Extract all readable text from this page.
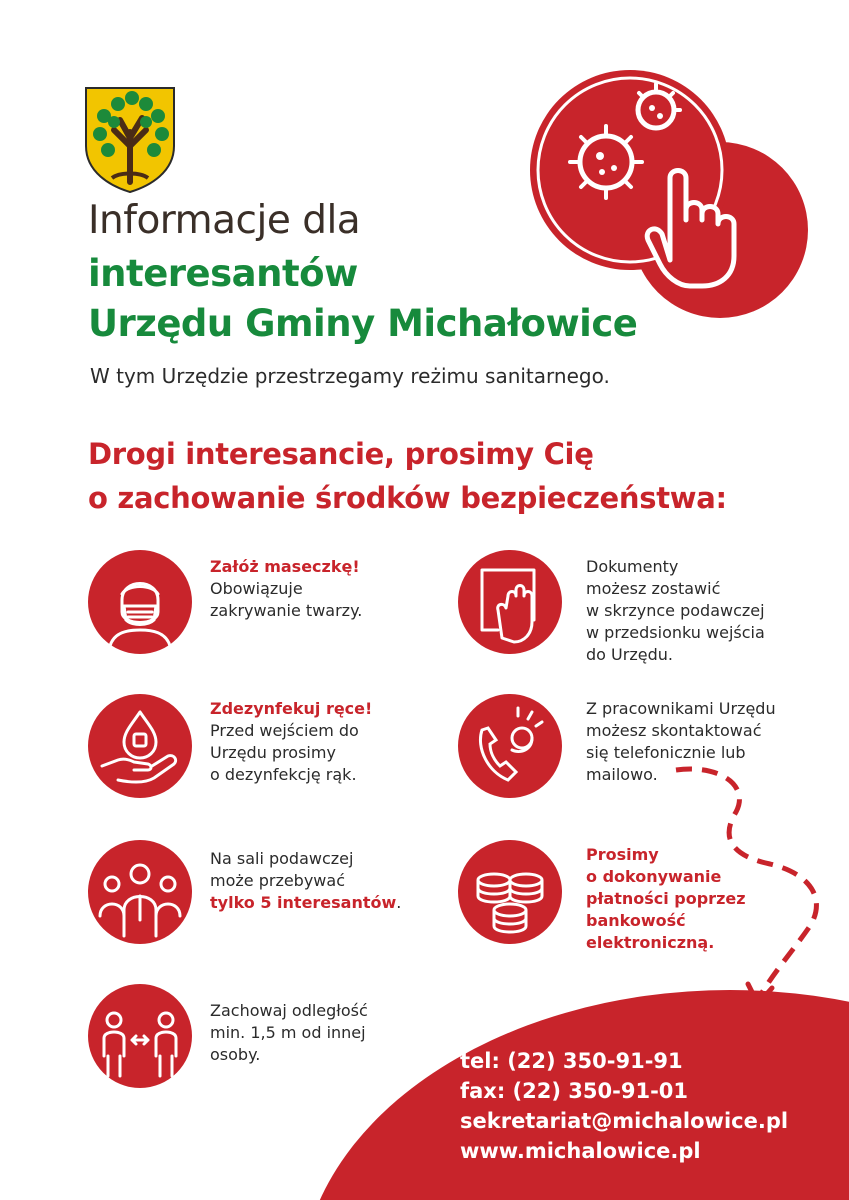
Informacje dla
interesantów
Urzędu Gminy Michałowice
W tym Urzędzie przestrzegamy reżimu sanitarnego.
Drogi interesancie, prosimy Cię
o zachowanie środków bezpieczeństwa:
Załóż maseczkę!
Obowiązuje
zakrywanie twarzy.
Zdezynfekuj ręce!
Przed wejściem do
Urzędu prosimy
o dezynfekcję rąk.
Na sali podawczej
może przebywać
tylko 5 interesantów.
Zachowaj odległość
min. 1,5 m od innej
osoby.
Dokumenty
możesz zostawić
w skrzynce podawczej
w przedsionku wejścia
do Urzędu.
Z pracownikami Urzędu
możesz skontaktować
się telefonicznie lub
mailowo.
Prosimy
o dokonywanie
płatności poprzez
bankowość
elektroniczną.
tel: (22) 350-91-91
fax: (22) 350-91-01
sekretariat@michalowice.pl
www.michalowice.pl
